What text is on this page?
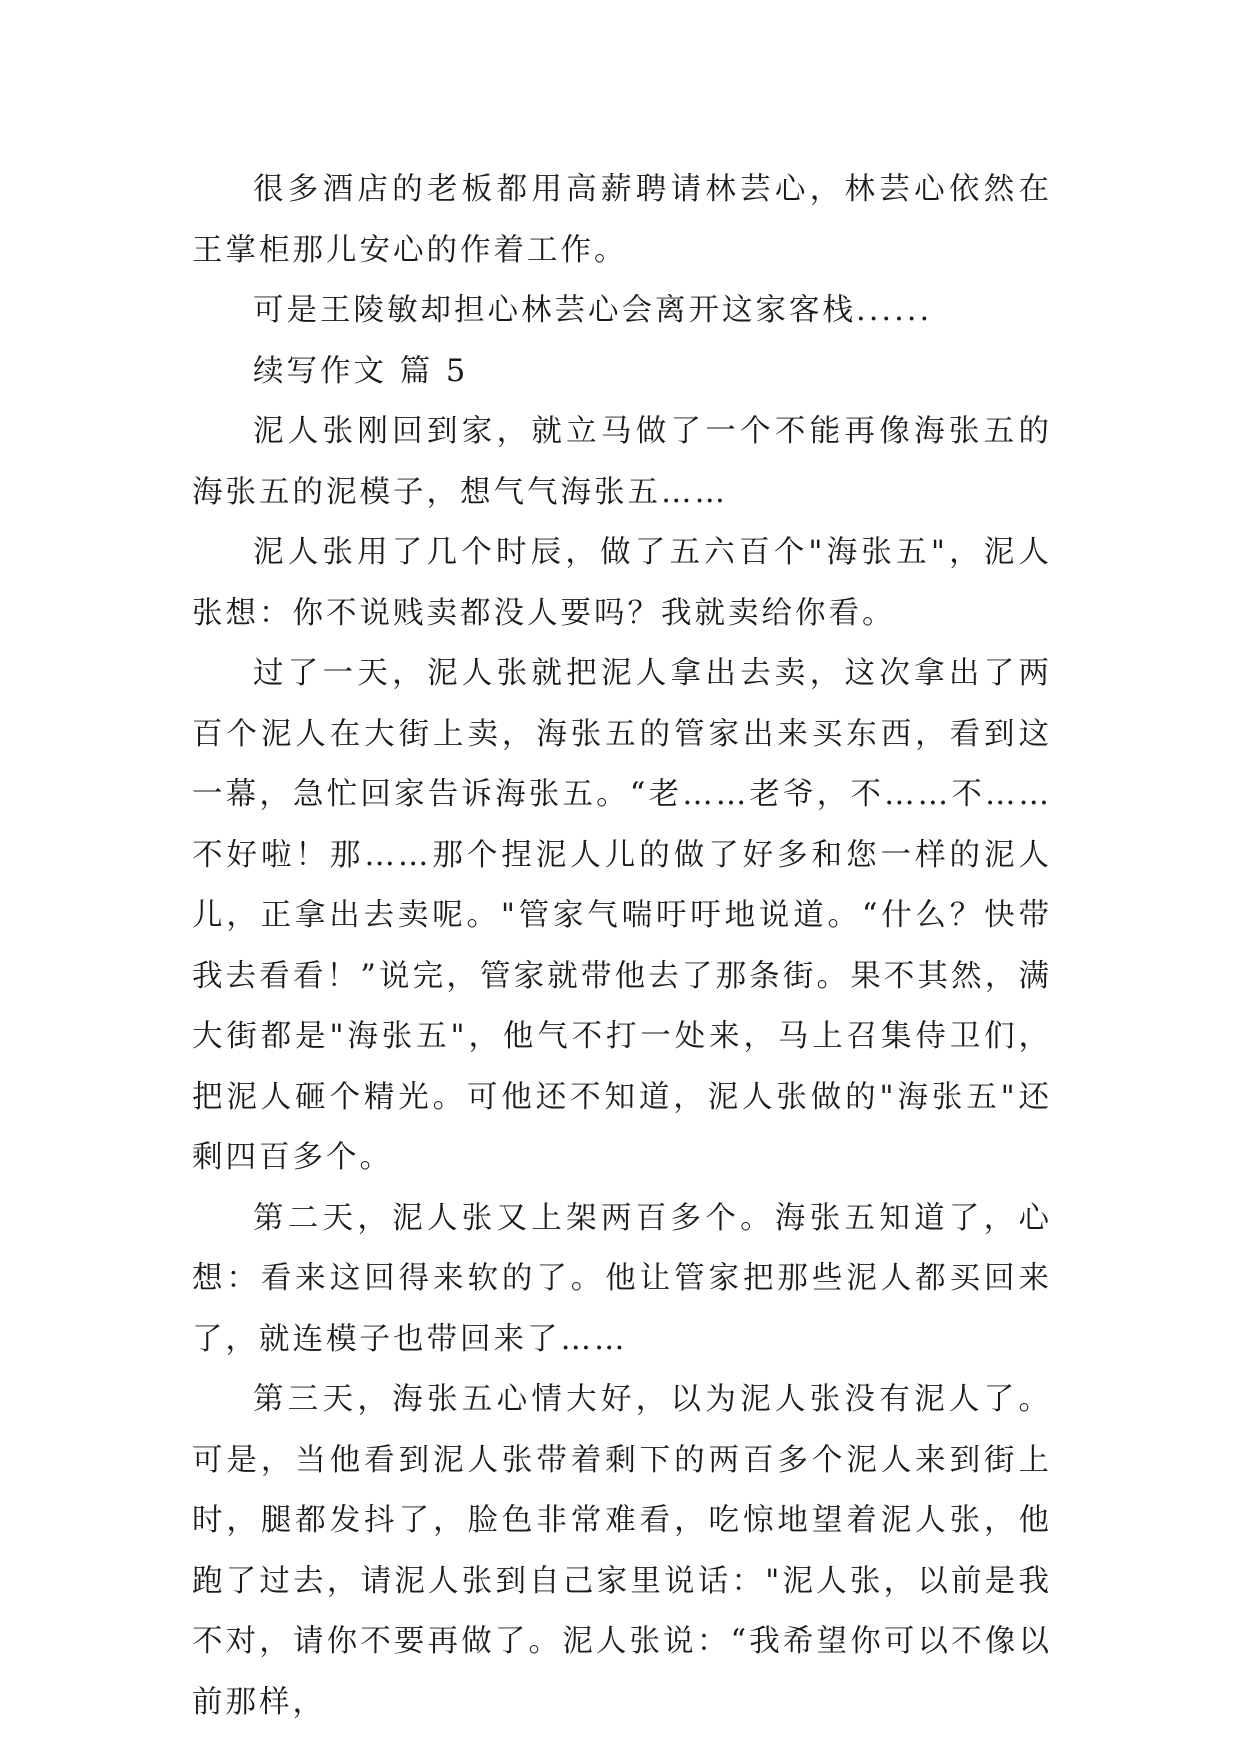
很多酒店的老板都用高薪聘请林芸心，林芸心依然在王掌柜那儿安心的作着工作。

可是王陵敏却担心林芸心会离开这家客栈......

续写作文 篇 5

泥人张刚回到家，就立马做了一个不能再像海张五的海张五的泥模子，想气气海张五……

泥人张用了几个时辰，做了五六百个"海张五"，泥人张想：你不说贱卖都没人要吗？我就卖给你看。

过了一天，泥人张就把泥人拿出去卖，这次拿出了两百个泥人在大街上卖，海张五的管家出来买东西，看到这一幕，急忙回家告诉海张五。“老……老爷，不……不……不好啦！那……那个捏泥人儿的做了好多和您一样的泥人儿，正拿出去卖呢。"管家气喘吁吁地说道。“什么？快带我去看看！”说完，管家就带他去了那条街。果不其然，满大街都是"海张五"，他气不打一处来，马上召集侍卫们，把泥人砸个精光。可他还不知道，泥人张做的"海张五"还剩四百多个。

第二天，泥人张又上架两百多个。海张五知道了，心想：看来这回得来软的了。他让管家把那些泥人都买回来了，就连模子也带回来了……

第三天，海张五心情大好，以为泥人张没有泥人了。可是，当他看到泥人张带着剩下的两百多个泥人来到街上时，腿都发抖了，脸色非常难看，吃惊地望着泥人张，他跑了过去，请泥人张到自己家里说话："泥人张，以前是我不对，请你不要再做了。泥人张说：“我希望你可以不像以前那样，
